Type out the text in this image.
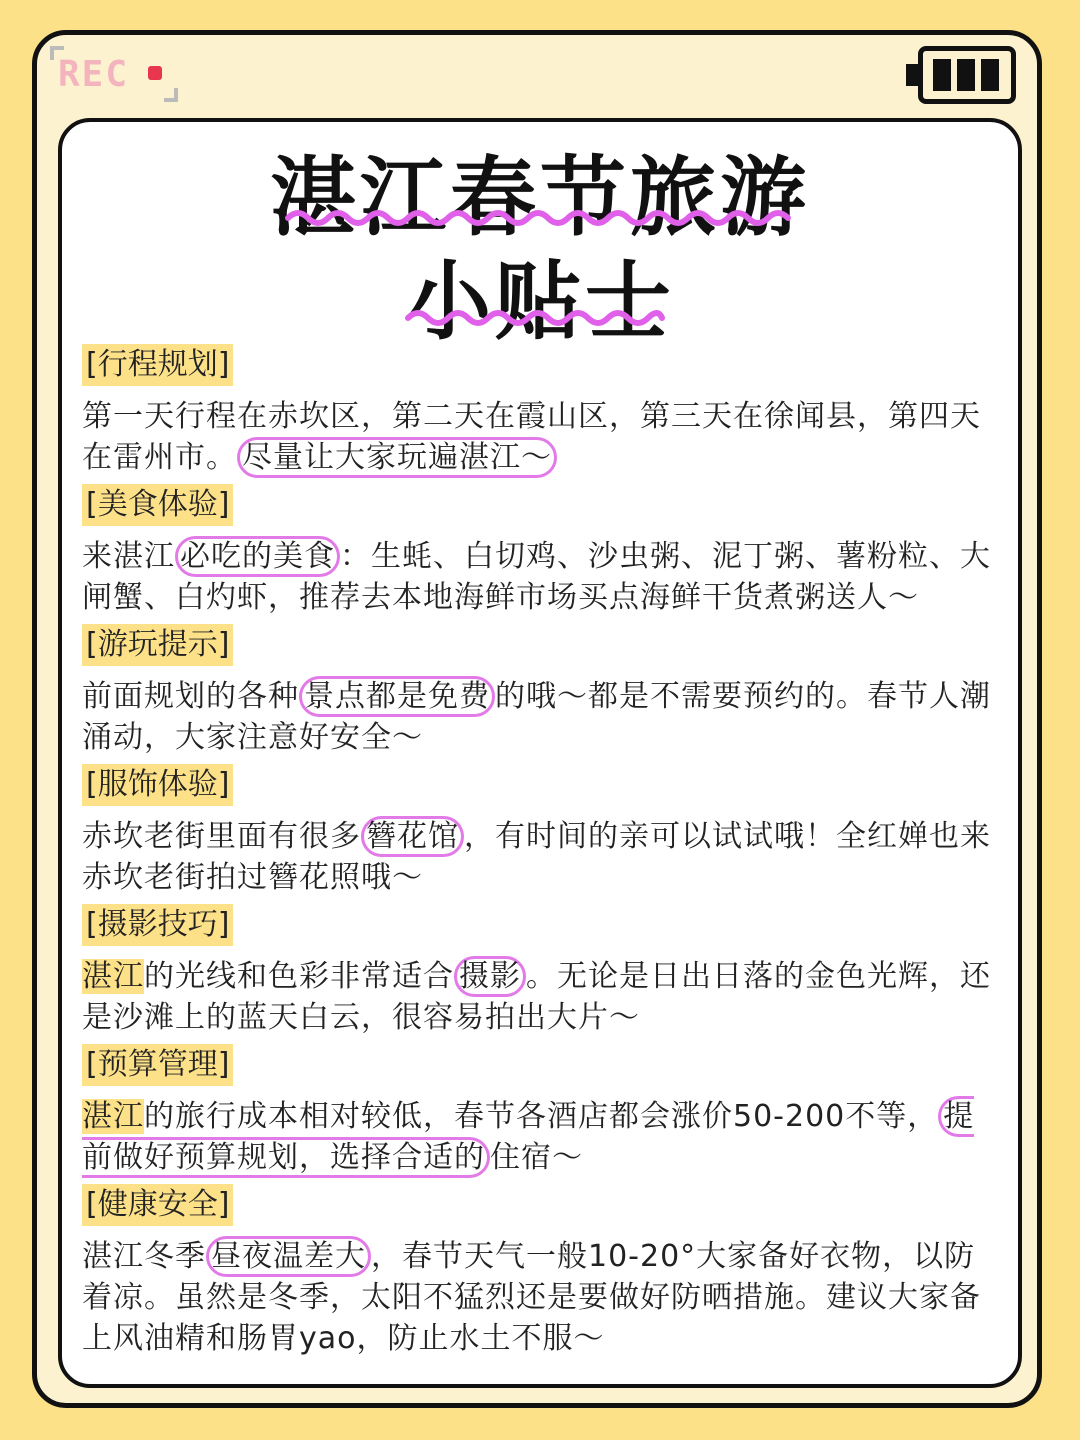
REC
湛江春节旅游
小贴士
[行程规划]
第一天行程在赤坎区，第二天在霞山区，第三天在徐闻县，第四天在雷州市。 尽量让大家玩遍湛江～
[美食体验]
来湛江 必吃的美食 ：生蚝、白切鸡、沙虫粥、泥丁粥、薯粉粒、大闸蟹、白灼虾，推荐去本地海鲜市场买点海鲜干货煮粥送人～
[游玩提示]
前面规划的各种 景点都是免费 的哦～都是不需要预约的。春节人潮涌动，大家注意好安全～
[服饰体验]
赤坎老街里面有很多 簪花馆 ，有时间的亲可以试试哦！全红婵也来赤坎老街拍过簪花照哦～
[摄影技巧]
湛江的光线和色彩非常适合 摄影 。无论是日出日落的金色光辉，还是沙滩上的蓝天白云，很容易拍出大片～
[预算管理]
湛江的旅行成本相对较低，春节各酒店都会涨价50-200不等， 提前做好预算规划，选择合适的 住宿～
[健康安全]
湛江冬季 昼夜温差大 ，春节天气一般10-20°大家备好衣物，以防着凉。虽然是冬季，太阳不猛烈还是要做好防晒措施。建议大家备上风油精和肠胃yao，防止水土不服～
